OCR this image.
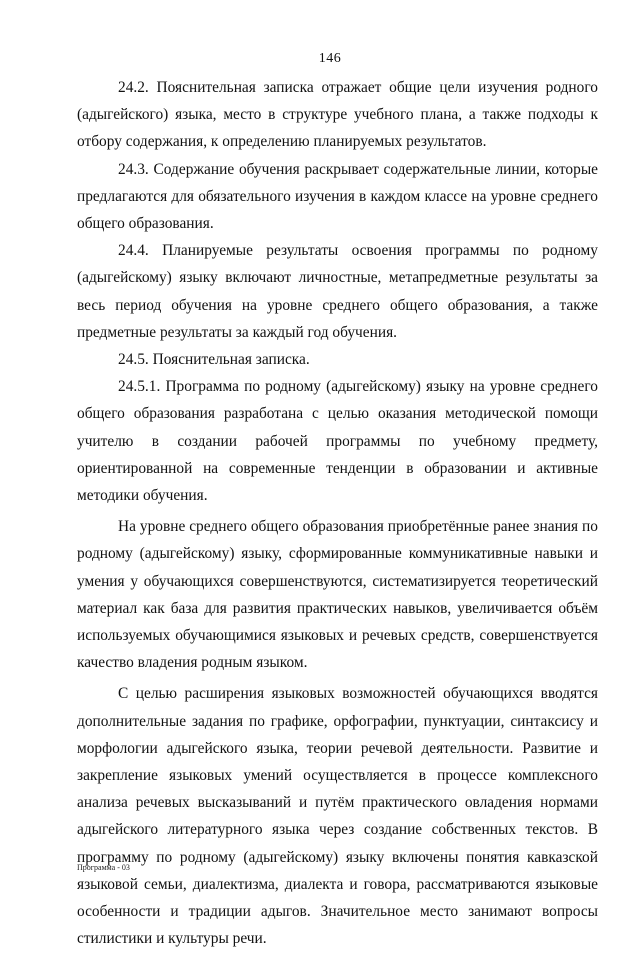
146

24.2. Пояснительная записка отражает общие цели изучения родного (адыгейского) языка, место в структуре учебного плана, а также подходы к отбору содержания, к определению планируемых результатов.

24.3. Содержание обучения раскрывает содержательные линии, которые предлагаются для обязательного изучения в каждом классе на уровне среднего общего образования.

24.4. Планируемые результаты освоения программы по родному (адыгейскому) языку включают личностные, метапредметные результаты за весь период обучения на уровне среднего общего образования, а также предметные результаты за каждый год обучения.

24.5. Пояснительная записка.

24.5.1. Программа по родному (адыгейскому) языку на уровне среднего общего образования разработана с целью оказания методической помощи учителю в создании рабочей программы по учебному предмету, ориентированной на современные тенденции в образовании и активные методики обучения.

На уровне среднего общего образования приобретённые ранее знания по родному (адыгейскому) языку, сформированные коммуникативные навыки и умения у обучающихся совершенствуются, систематизируется теоретический материал как база для развития практических навыков, увеличивается объём используемых обучающимися языковых и речевых средств, совершенствуется качество владения родным языком.

С целью расширения языковых возможностей обучающихся вводятся дополнительные задания по графике, орфографии, пунктуации, синтаксису и морфологии адыгейского языка, теории речевой деятельности. Развитие и закрепление языковых умений осуществляется в процессе комплексного анализа речевых высказываний и путём практического овладения нормами адыгейского литературного языка через создание собственных текстов. В программу по родному (адыгейскому) языку включены понятия кавказской языковой семьи, диалектизма, диалекта и говора, рассматриваются языковые особенности и традиции адыгов. Значительное место занимают вопросы стилистики и культуры речи.

Программа - 03
